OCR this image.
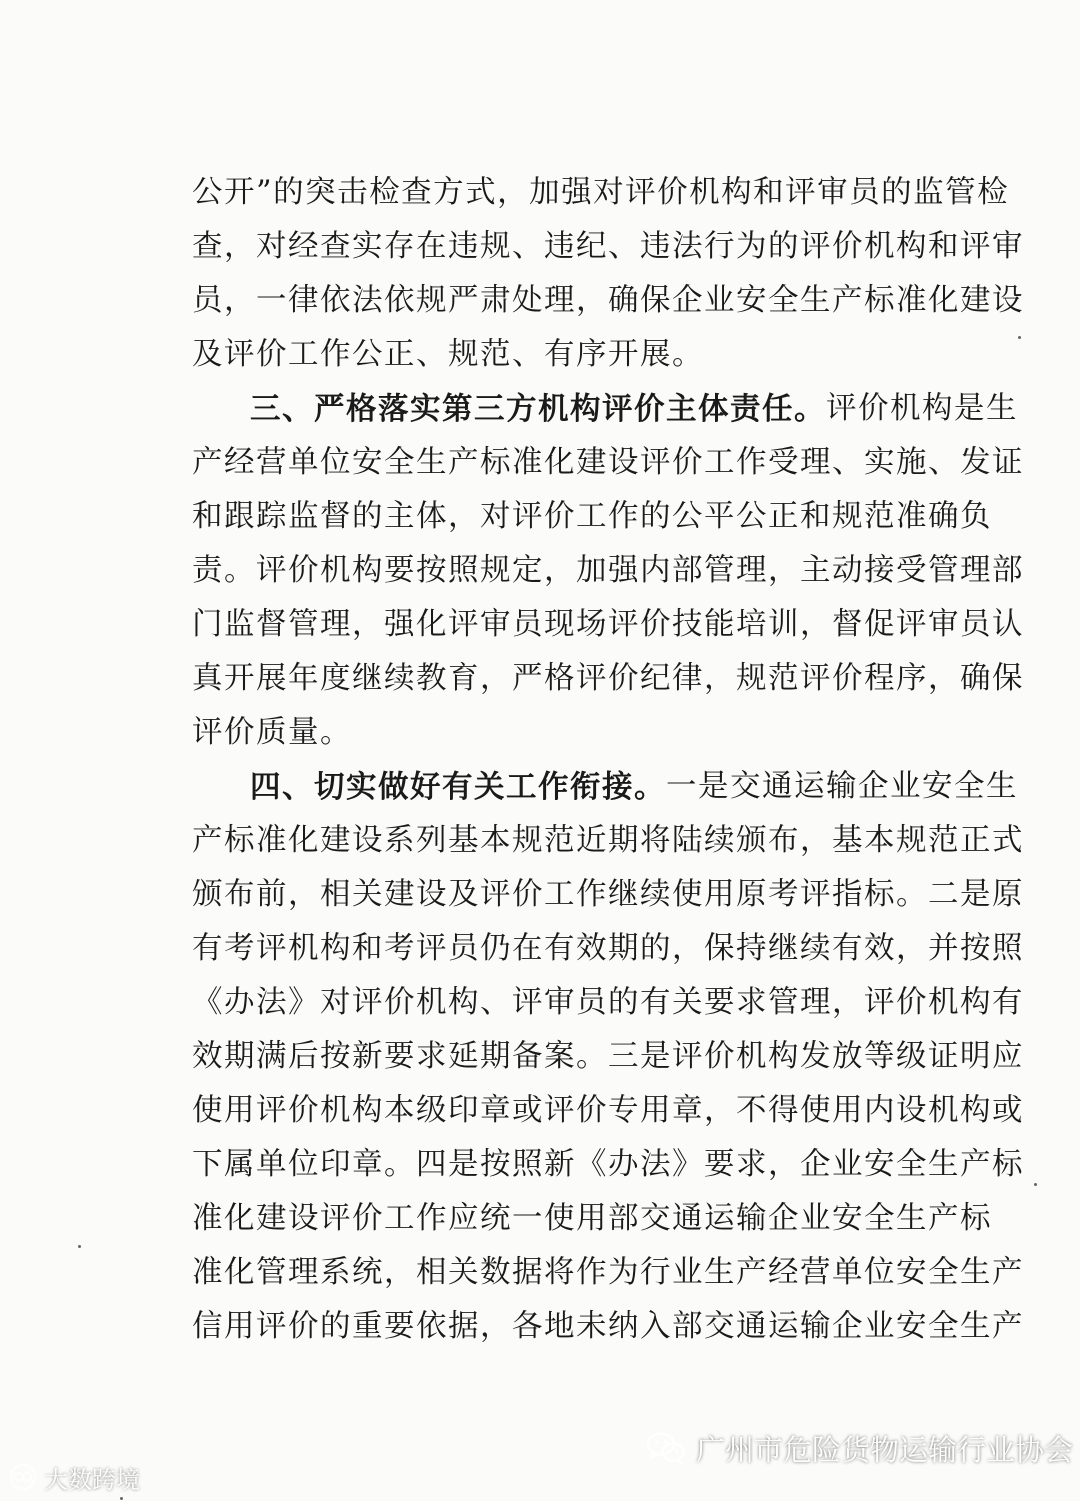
公开”的突击检查方式，加强对评价机构和评审员的监管检
查，对经查实存在违规、违纪、违法行为的评价机构和评审
员，一律依法依规严肃处理，确保企业安全生产标准化建设
及评价工作公正、规范、有序开展。
三、严格落实第三方机构评价主体责任。 评价机构是生
产经营单位安全生产标准化建设评价工作受理、实施、发证
和跟踪监督的主体，对评价工作的公平公正和规范准确负
责。评价机构要按照规定，加强内部管理，主动接受管理部
门监督管理，强化评审员现场评价技能培训，督促评审员认
真开展年度继续教育，严格评价纪律，规范评价程序，确保
评价质量。
四、切实做好有关工作衔接。 一是交通运输企业安全生
产标准化建设系列基本规范近期将陆续颁布，基本规范正式
颁布前，相关建设及评价工作继续使用原考评指标。二是原
有考评机构和考评员仍在有效期的，保持继续有效，并按照
《办法》对评价机构、评审员的有关要求管理，评价机构有
效期满后按新要求延期备案。三是评价机构发放等级证明应
使用评价机构本级印章或评价专用章，不得使用内设机构或
下属单位印章。四是按照新《办法》要求，企业安全生产标
准化建设评价工作应统一使用部交通运输企业安全生产标
准化管理系统，相关数据将作为行业生产经营单位安全生产
信用评价的重要依据，各地未纳入部交通运输企业安全生产
大数跨境
广州市危险货物运输行业协会
